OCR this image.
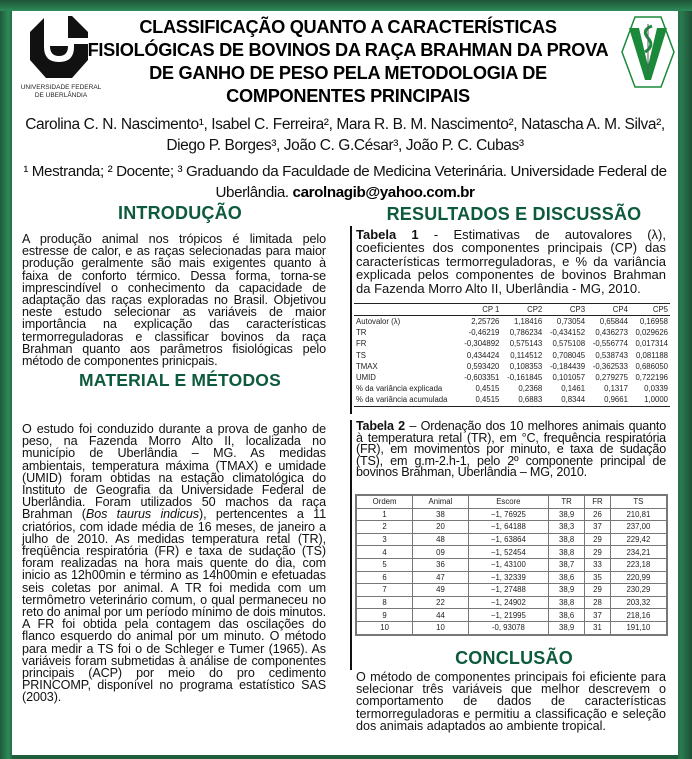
UNIVERSIDADE FEDERAL
DE UBERLÂNDIA
CLASSIFICAÇÃO QUANTO A CARACTERÍSTICAS FISIOLÓGICAS DE BOVINOS DA RAÇA BRAHMAN DA PROVA DE GANHO DE PESO PELA METODOLOGIA DE COMPONENTES PRINCIPAIS
Carolina C. N. Nascimento¹, Isabel C. Ferreira², Mara R. B. M. Nascimento², Natascha A. M. Silva², Diego P. Borges³, João C. G.César³, João P. C. Cubas³
¹ Mestranda; ² Docente; ³ Graduando da Faculdade de Medicina Veterinária. Universidade Federal de Uberlândia. carolnagib@yahoo.com.br
INTRODUÇÃO
A produção animal nos trópicos é limitada pelo estresse de calor, e as raças selecionadas para maior produção geralmente são mais exigentes quanto à faixa de conforto térmico. Dessa forma, torna-se imprescindível o conhecimento da capacidade de adaptação das raças exploradas no Brasil. Objetivou neste estudo selecionar as variáveis de maior importância na explicação das características termorreguladoras e classificar bovinos da raça Brahman quanto aos parâmetros fisiológicas pelo método de componentes prinicpais.
MATERIAL E MÉTODOS
O estudo foi conduzido durante a prova de ganho de peso, na Fazenda Morro Alto II, localizada no município de Uberlândia – MG. As medidas ambientais, temperatura máxima (TMAX) e umidade (UMID) foram obtidas na estação climatológica do Instituto de Geografia da Universidade Federal de Uberlândia. Foram utilizados 50 machos da raça Brahman (Bos taurus indicus), pertencentes a 11 criatórios, com idade média de 16 meses, de janeiro a julho de 2010. As medidas temperatura retal (TR), freqüência respiratória (FR) e taxa de sudação (TS) foram realizadas na hora mais quente do dia, com inicio as 12h00min e término as 14h00min e efetuadas seis coletas por animal. A TR foi medida com um termômetro veterinário comum, o qual permaneceu no reto do animal por um período mínimo de dois minutos. A FR foi obtida pela contagem das oscilações do flanco esquerdo do animal por um minuto. O método para medir a TS foi o de Schleger e Tumer (1965). As variáveis foram submetidas à análise de componentes principais (ACP) por meio do pro cedimento PRINCOMP, disponível no programa estatístico SAS (2003).
RESULTADOS E DISCUSSÃO
Tabela 1 - Estimativas de autovalores (λ), coeficientes dos componentes principais (CP) das características termorreguladoras, e % da variância explicada pelos componentes de bovinos Brahman da Fazenda Morro Alto II, Uberlândia - MG, 2010.
	CP 1	CP2	CP3	CP4	CP5
Autovalor (λ)	2,25726	1,18416	0,73054	0,65844	0,16958
TR	-0,46219	0,786234	-0,434152	0,436273	0,029626
FR	-0,304892	0,575143	0,575108	-0,556774	0,017314
TS	0,434424	0,114512	0,708045	0,538743	0,081188
TMAX	0,593420	0,108353	-0,184439	-0,362533	0,686050
UMID	-0,603351	-0,161845	0,101057	0,279275	0,722196
% da variância explicada	0,4515	0,2368	0,1461	0,1317	0,0339
% da variância acumulada	0,4515	0,6883	0,8344	0,9661	1,0000
Tabela 2 – Ordenação dos 10 melhores animais quanto à temperatura retal (TR), em °C, frequência respiratória (FR), em movimentos por minuto, e taxa de sudação (TS), em g.m-2.h-1, pelo 2º componente principal de bovinos Brahman, Uberlândia – MG, 2010.
Ordem	Animal	Escore	TR	FR	TS
1	38	−1, 76925	38,9	26	210,81
2	20	−1, 64188	38,3	37	237,00
3	48	−1, 63864	38,8	29	229,42
4	09	−1, 52454	38,8	29	234,21
5	36	−1, 43100	38,7	33	223,18
6	47	−1, 32339	38,6	35	220,99
7	49	−1, 27488	38,9	29	230,29
8	22	−1, 24902	38,8	28	203,32
9	44	−1, 21995	38,6	37	218,16
10	10	-0, 93078	38,9	31	191,10
CONCLUSÃO
O método de componentes principais foi eficiente para selecionar três variáveis que melhor descrevem o comportamento de dados de características termorreguladoras e permitiu a classificação e seleção dos animais adaptados ao ambiente tropical.
